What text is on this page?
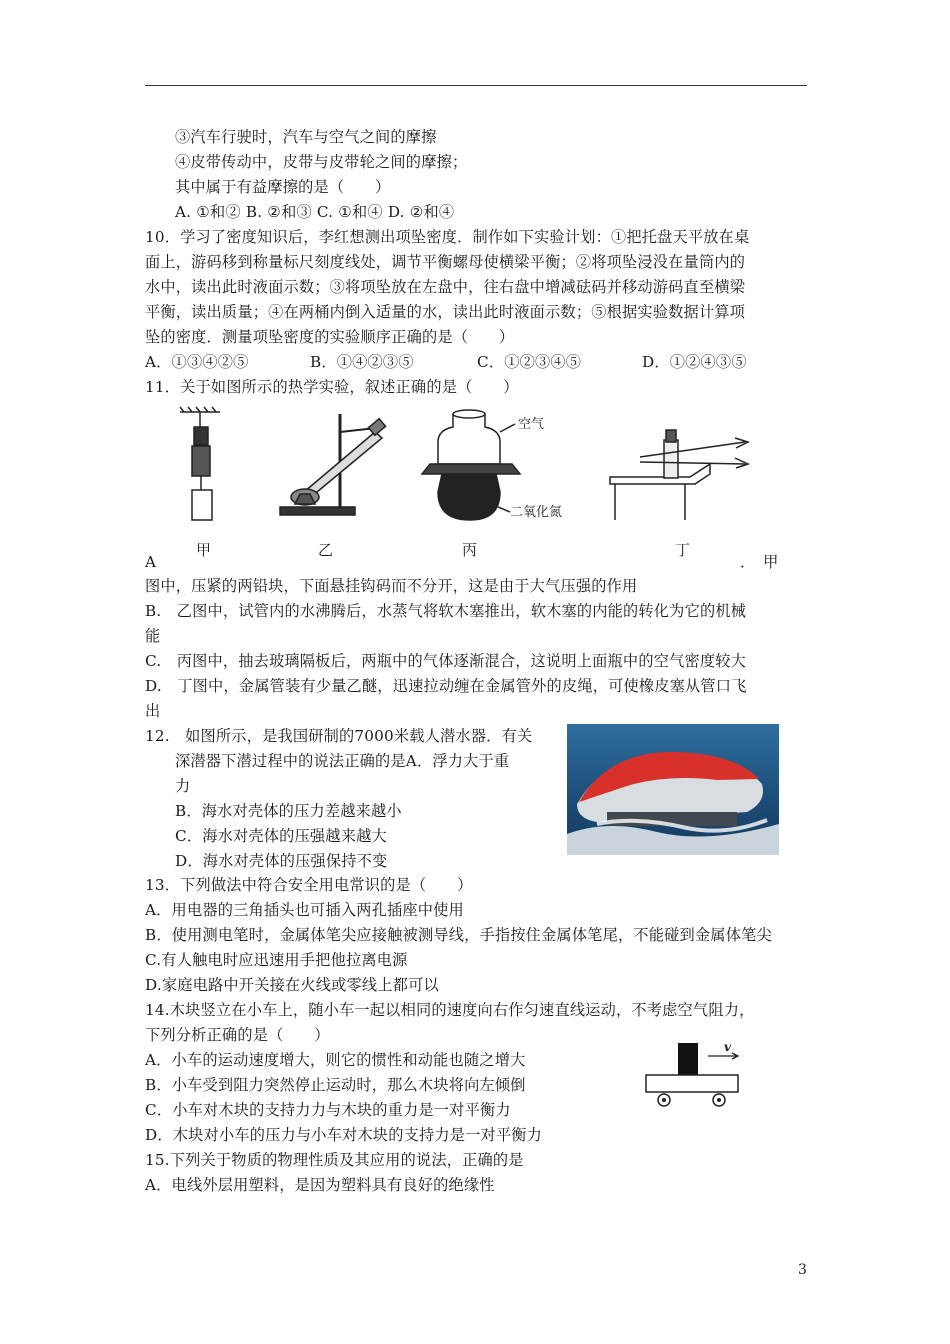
③汽车行驶时，汽车与空气之间的摩擦
④皮带传动中，皮带与皮带轮之间的摩擦；
其中属于有益摩擦的是（　　）
A. ①和② B. ②和③ C. ①和④ D. ②和④
10．学习了密度知识后，李红想测出项坠密度．制作如下实验计划：①把托盘天平放在桌
面上，游码移到称量标尺刻度线处，调节平衡螺母使横梁平衡；②将项坠浸没在量筒内的
水中，读出此时液面示数；③将项坠放在左盘中，往右盘中增减砝码并移动游码直至横梁
平衡，读出质量；④在两桶内倒入适量的水，读出此时液面示数；⑤根据实验数据计算项
坠的密度．测量项坠密度的实验顺序正确的是（　　）
A．①③④②⑤	B．①④②③⑤	C．①②③④⑤	D．①②④③⑤
11．关于如图所示的热学实验，叙述正确的是（　　）
空气
二氧化氮
甲	乙	丙	丁
A	．　甲
图中，压紧的两铅块，下面悬挂钩码而不分开，这是由于大气压强的作用
B.　乙图中，试管内的水沸腾后，水蒸气将软木塞推出，软木塞的内能的转化为它的机械
能
C.　丙图中，抽去玻璃隔板后，两瓶中的气体逐渐混合，这说明上面瓶中的空气密度较大
D.　丁图中，金属管装有少量乙醚，迅速拉动缠在金属管外的皮绳，可使橡皮塞从管口飞
出
12.　如图所示，是我国研制的7000米载人潜水器．有关
深潜器下潜过程中的说法正确的是A．浮力大于重
力
B．海水对壳体的压力差越来越小
C．海水对壳体的压强越来越大
D．海水对壳体的压强保持不变
13．下列做法中符合安全用电常识的是（　　）
A．用电器的三角插头也可插入两孔插座中使用
B．使用测电笔时，金属体笔尖应接触被测导线，手指按住金属体笔尾，不能碰到金属体笔尖
C.有人触电时应迅速用手把他拉离电源
D.家庭电路中开关接在火线或零线上都可以
14.木块竖立在小车上，随小车一起以相同的速度向右作匀速直线运动，不考虑空气阻力，
下列分析正确的是（　　）
A．小车的运动速度增大，则它的惯性和动能也随之增大
B．小车受到阻力突然停止运动时，那么木块将向左倾倒
C．小车对木块的支持力力与木块的重力是一对平衡力
D．木块对小车的压力与小车对木块的支持力是一对平衡力
v
15.下列关于物质的物理性质及其应用的说法，正确的是
A．电线外层用塑料，是因为塑料具有良好的绝缘性
3
